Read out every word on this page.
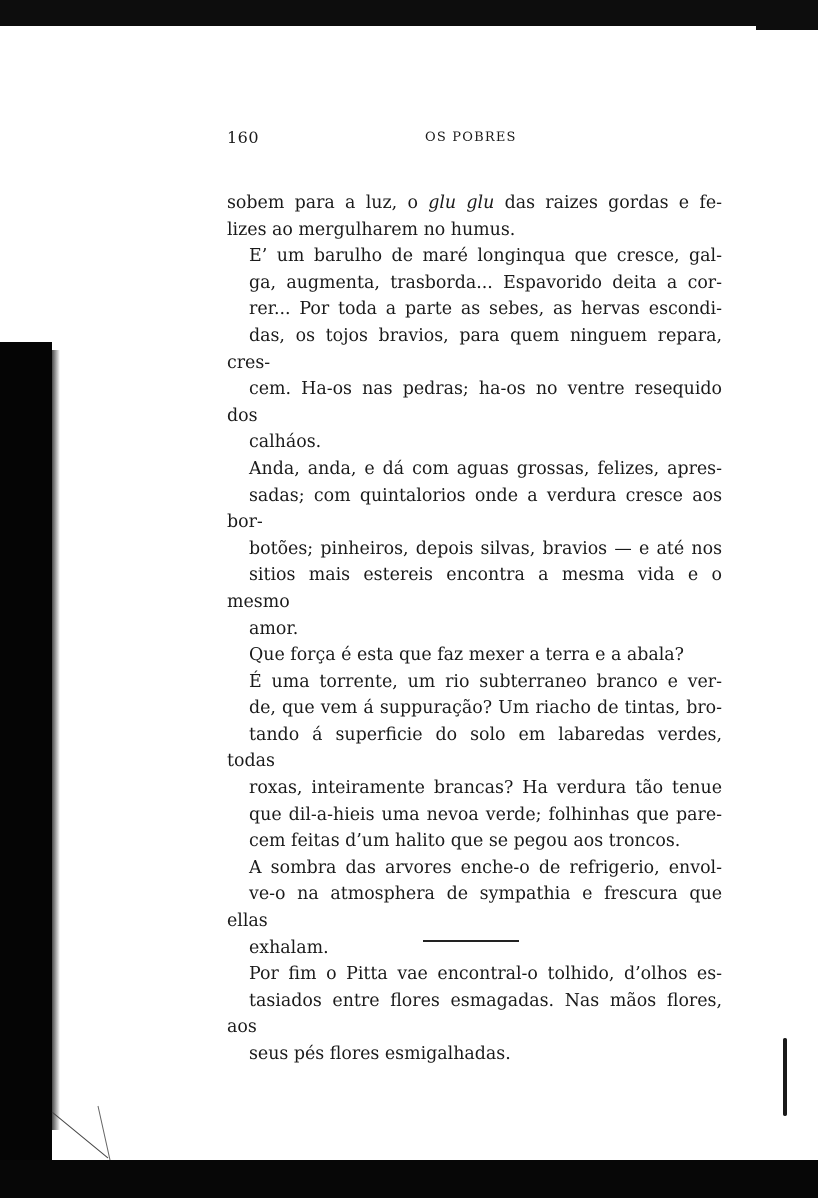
160	OS POBRES

sobem para a luz, o glu glu das raizes gordas e fe-
lizes ao mergulharem no humus.

E’ um barulho de maré longinqua que cresce, gal-
ga, augmenta, trasborda... Espavorido deita a cor-
rer... Por toda a parte as sebes, as hervas escondi-
das, os tojos bravios, para quem ninguem repara, cres-
cem. Ha-os nas pedras; ha-os no ventre resequido dos
calháos.

Anda, anda, e dá com aguas grossas, felizes, apres-
sadas; com quintalorios onde a verdura cresce aos bor-
botões; pinheiros, depois silvas, bravios — e até nos
sitios mais estereis encontra a mesma vida e o mesmo
amor.

Que força é esta que faz mexer a terra e a abala?

É uma torrente, um rio subterraneo branco e ver-
de, que vem á suppuração? Um riacho de tintas, bro-
tando á superficie do solo em labaredas verdes, todas
roxas, inteiramente brancas? Ha verdura tão tenue
que dil-a-hieis uma nevoa verde; folhinhas que pare-
cem feitas d’um halito que se pegou aos troncos.

A sombra das arvores enche-o de refrigerio, envol-
ve-o na atmosphera de sympathia e frescura que ellas
exhalam.

Por fim o Pitta vae encontral-o tolhido, d’olhos es-
tasiados entre flores esmagadas. Nas mãos flores, aos
seus pés flores esmigalhadas.
